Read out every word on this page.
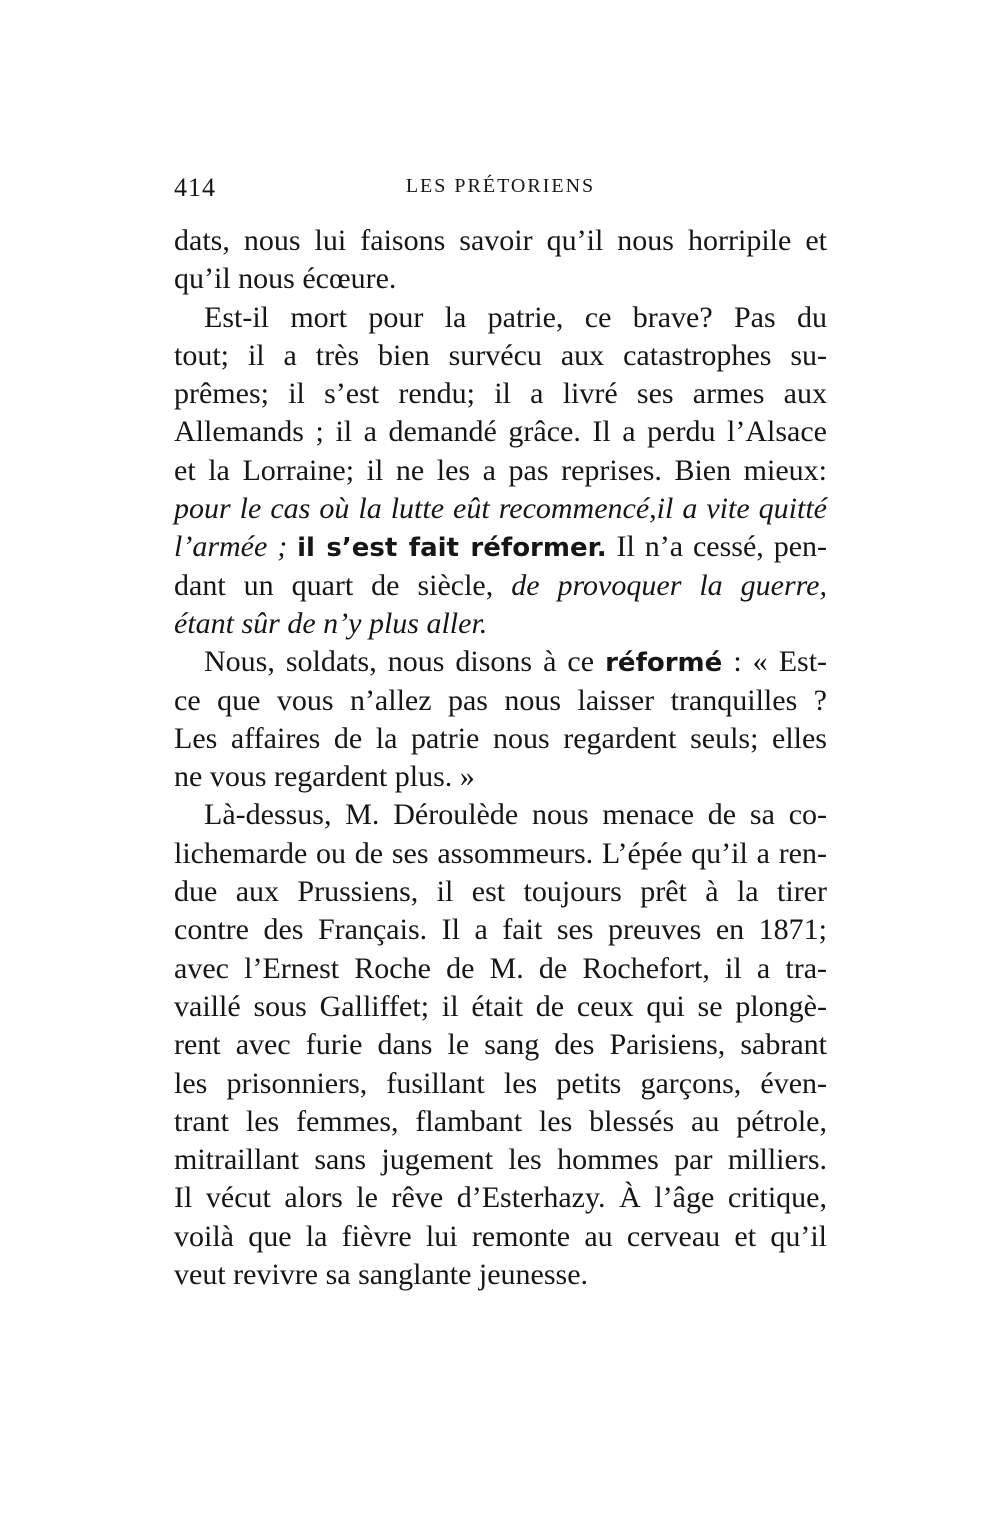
414	LES PRÉTORIENS
dats, nous lui faisons savoir qu’il nous horripile et
qu’il nous écœure.
Est-il mort pour la patrie, ce brave? Pas du
tout; il a très bien survécu aux catastrophes su-
prêmes; il s’est rendu; il a livré ses armes aux
Allemands ; il a demandé grâce. Il a perdu l’Alsace
et la Lorraine; il ne les a pas reprises. Bien mieux:
pour le cas où la lutte eût recommencé,il a vite quitté
l’armée ; il s’est fait réformer. Il n’a cessé, pen-
dant un quart de siècle, de provoquer la guerre,
étant sûr de n’y plus aller.
Nous, soldats, nous disons à ce réformé : « Est-
ce que vous n’allez pas nous laisser tranquilles ?
Les affaires de la patrie nous regardent seuls; elles
ne vous regardent plus. »
Là-dessus, M. Déroulède nous menace de sa co-
lichemarde ou de ses assommeurs. L’épée qu’il a ren-
due aux Prussiens, il est toujours prêt à la tirer
contre des Français. Il a fait ses preuves en 1871;
avec l’Ernest Roche de M. de Rochefort, il a tra-
vaillé sous Galliffet; il était de ceux qui se plongè-
rent avec furie dans le sang des Parisiens, sabrant
les prisonniers, fusillant les petits garçons, éven-
trant les femmes, flambant les blessés au pétrole,
mitraillant sans jugement les hommes par milliers.
Il vécut alors le rêve d’Esterhazy. À l’âge critique,
voilà que la fièvre lui remonte au cerveau et qu’il
veut revivre sa sanglante jeunesse.
